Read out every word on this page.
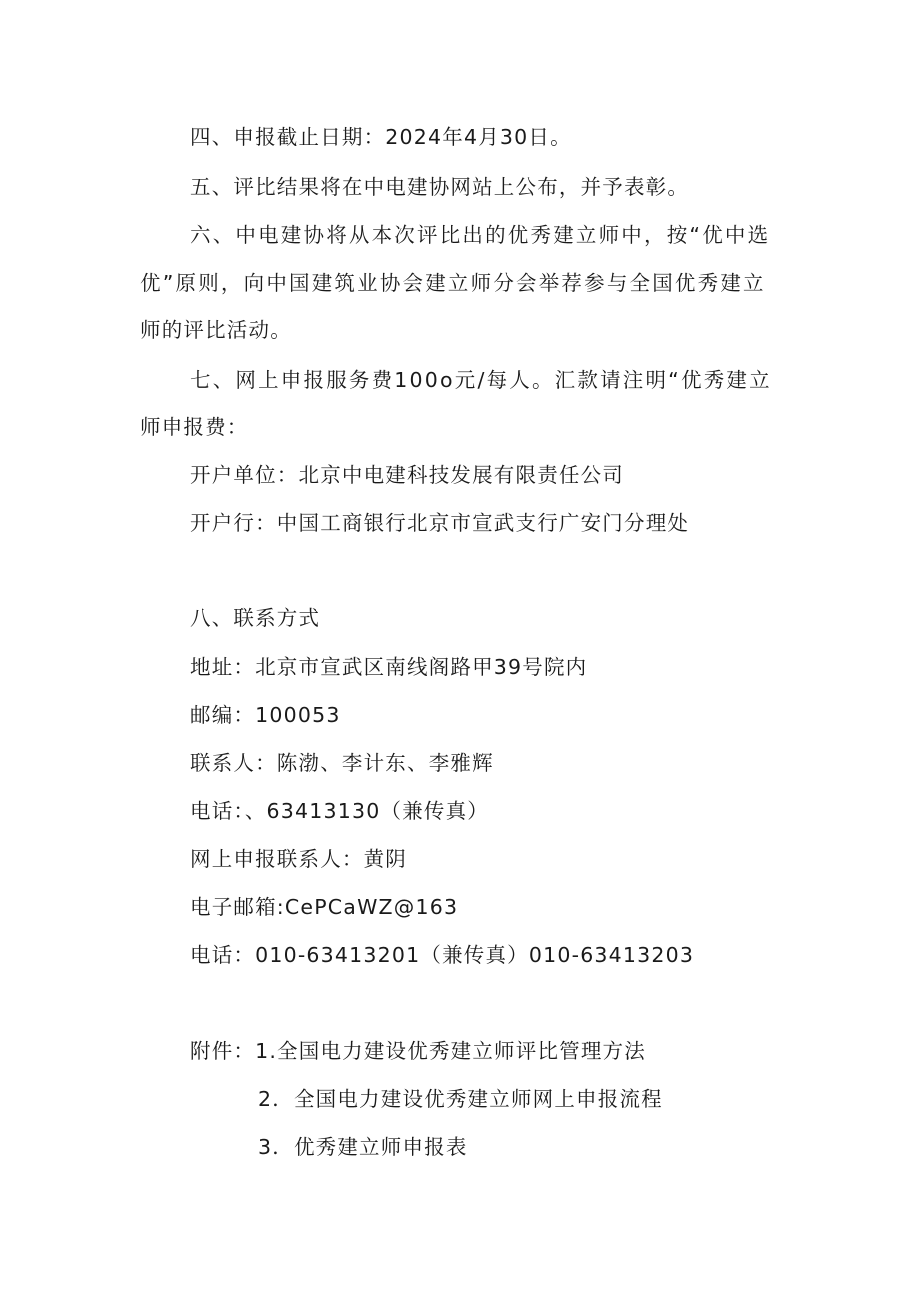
四、申报截止日期：2024年4月30日。
五、评比结果将在中电建协网站上公布，并予表彰。
六、中电建协将从本次评比出的优秀建立师中，按“优中选
优”原则，向中国建筑业协会建立师分会举荐参与全国优秀建立
师的评比活动。
七、网上申报服务费100o元/每人。汇款请注明“优秀建立
师申报费：
开户单位：北京中电建科技发展有限责任公司
开户行：中国工商银行北京市宣武支行广安门分理处
八、联系方式
地址：北京市宣武区南线阁路甲39号院内
邮编：100053
联系人：陈渤、李计东、李雅辉
电话：、63413130（兼传真）
网上申报联系人：黄阴
电子邮箱:CePCaWZ@163
电话：010-63413201（兼传真）010-63413203
附件：1.全国电力建设优秀建立师评比管理方法
2．全国电力建设优秀建立师网上申报流程
3．优秀建立师申报表
